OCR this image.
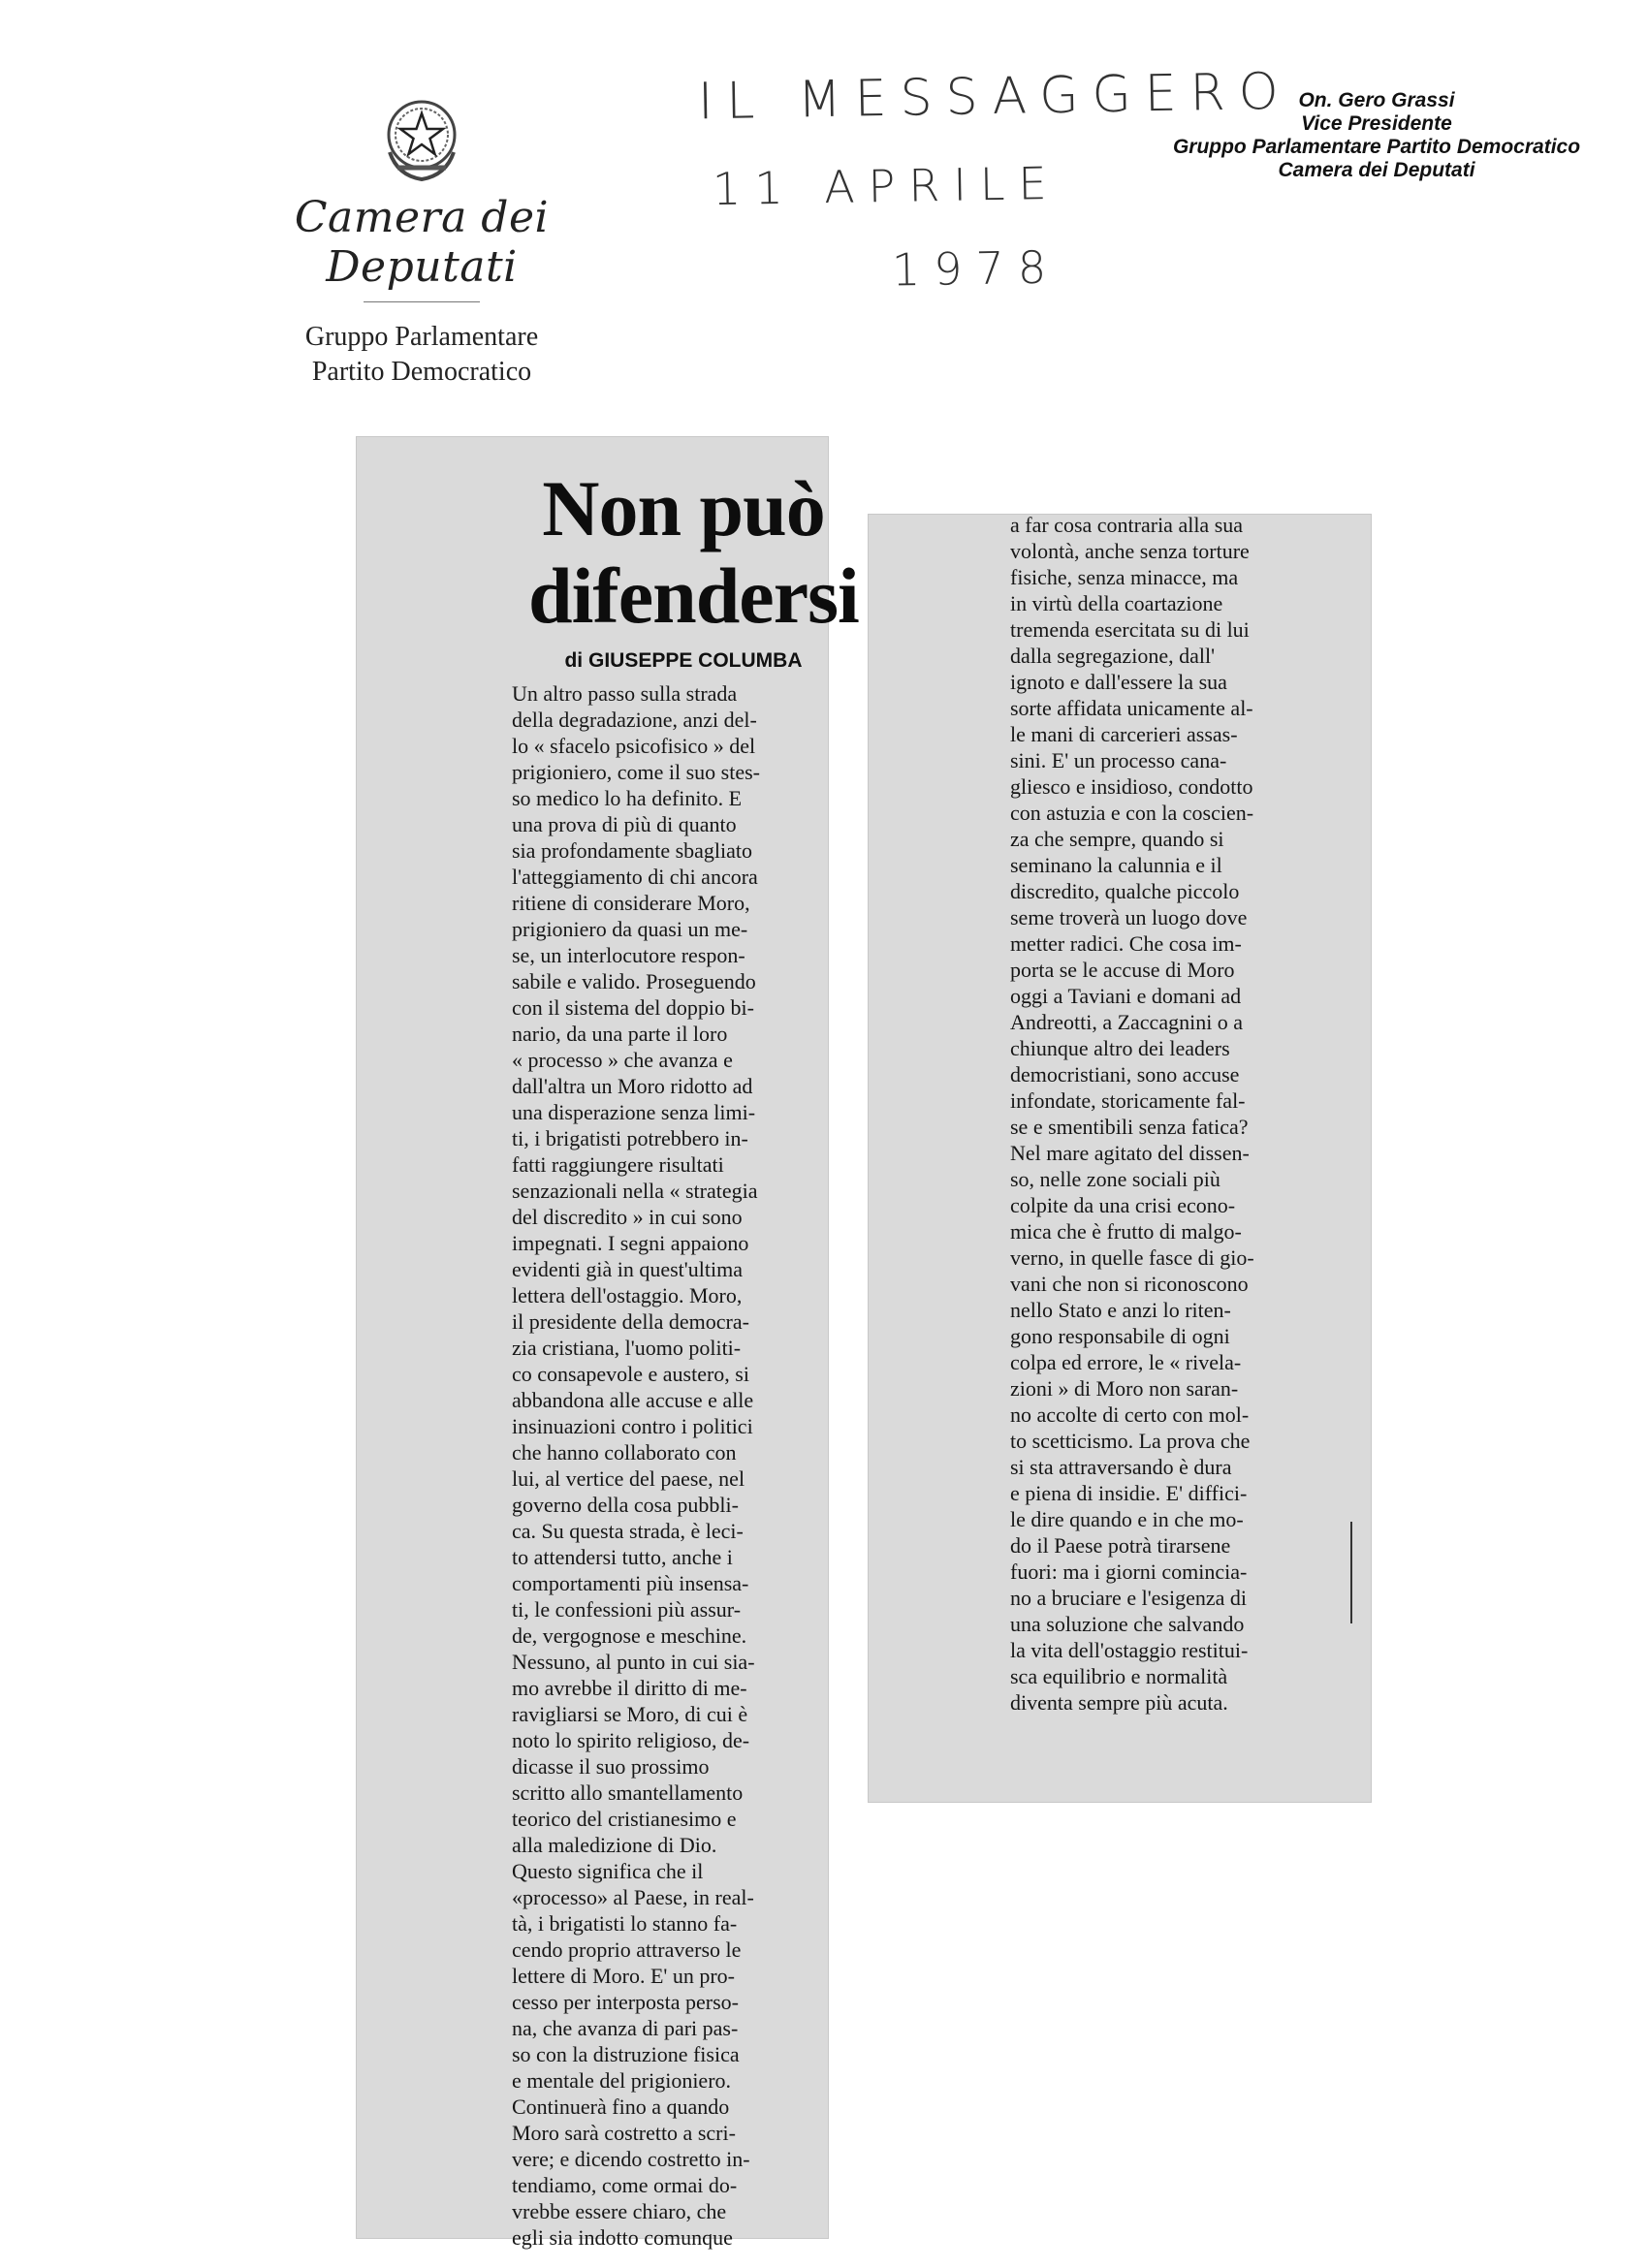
Camera dei Deputati
Gruppo Parlamentare
Partito Democratico
IL MESSAGGERO
11 APRILE
1978
On. Gero Grassi
Vice Presidente
Gruppo Parlamentare Partito Democratico
Camera dei Deputati
Non può difendersi
di GIUSEPPE COLUMBA

Un altro passo sulla strada
della degradazione, anzi del-
lo « sfacelo psicofisico » del
prigioniero, come il suo stes-
so medico lo ha definito. E
una prova di più di quanto
sia profondamente sbagliato
l'atteggiamento di chi ancora
ritiene di considerare Moro,
prigioniero da quasi un me-
se, un interlocutore respon-
sabile e valido. Proseguendo
con il sistema del doppio bi-
nario, da una parte il loro
« processo » che avanza e
dall'altra un Moro ridotto ad
una disperazione senza limi-
ti, i brigatisti potrebbero in-
fatti raggiungere risultati
senzazionali nella « strategia
del discredito » in cui sono
impegnati. I segni appaiono
evidenti già in quest'ultima
lettera dell'ostaggio. Moro,
il presidente della democra-
zia cristiana, l'uomo politi-
co consapevole e austero, si
abbandona alle accuse e alle
insinuazioni contro i politici
che hanno collaborato con
lui, al vertice del paese, nel
governo della cosa pubbli-
ca. Su questa strada, è leci-
to attendersi tutto, anche i
comportamenti più insensa-
ti, le confessioni più assur-
de, vergognose e meschine.
Nessuno, al punto in cui sia-
mo avrebbe il diritto di me-
ravigliarsi se Moro, di cui è
noto lo spirito religioso, de-
dicasse il suo prossimo
scritto allo smantellamento
teorico del cristianesimo e
alla maledizione di Dio.
Questo significa che il
«processo» al Paese, in real-
tà, i brigatisti lo stanno fa-
cendo proprio attraverso le
lettere di Moro. E' un pro-
cesso per interposta perso-
na, che avanza di pari pas-
so con la distruzione fisica
e mentale del prigioniero.
Continuerà fino a quando
Moro sarà costretto a scri-
vere; e dicendo costretto in-
tendiamo, come ormai do-
vrebbe essere chiaro, che
egli sia indotto comunque

a far cosa contraria alla sua
volontà, anche senza torture
fisiche, senza minacce, ma
in virtù della coartazione
tremenda esercitata su di lui
dalla segregazione, dall'
ignoto e dall'essere la sua
sorte affidata unicamente al-
le mani di carcerieri assas-
sini. E' un processo cana-
gliesco e insidioso, condotto
con astuzia e con la coscien-
za che sempre, quando si
seminano la calunnia e il
discredito, qualche piccolo
seme troverà un luogo dove
metter radici. Che cosa im-
porta se le accuse di Moro
oggi a Taviani e domani ad
Andreotti, a Zaccagnini o a
chiunque altro dei leaders
democristiani, sono accuse
infondate, storicamente fal-
se e smentibili senza fatica?
Nel mare agitato del dissen-
so, nelle zone sociali più
colpite da una crisi econo-
mica che è frutto di malgo-
verno, in quelle fasce di gio-
vani che non si riconoscono
nello Stato e anzi lo riten-
gono responsabile di ogni
colpa ed errore, le « rivela-
zioni » di Moro non saran-
no accolte di certo con mol-
to scetticismo. La prova che
si sta attraversando è dura
e piena di insidie. E' diffici-
le dire quando e in che mo-
do il Paese potrà tirarsene
fuori: ma i giorni comincia-
no a bruciare e l'esigenza di
una soluzione che salvando
la vita dell'ostaggio restitui-
sca equilibrio e normalità
diventa sempre più acuta.
